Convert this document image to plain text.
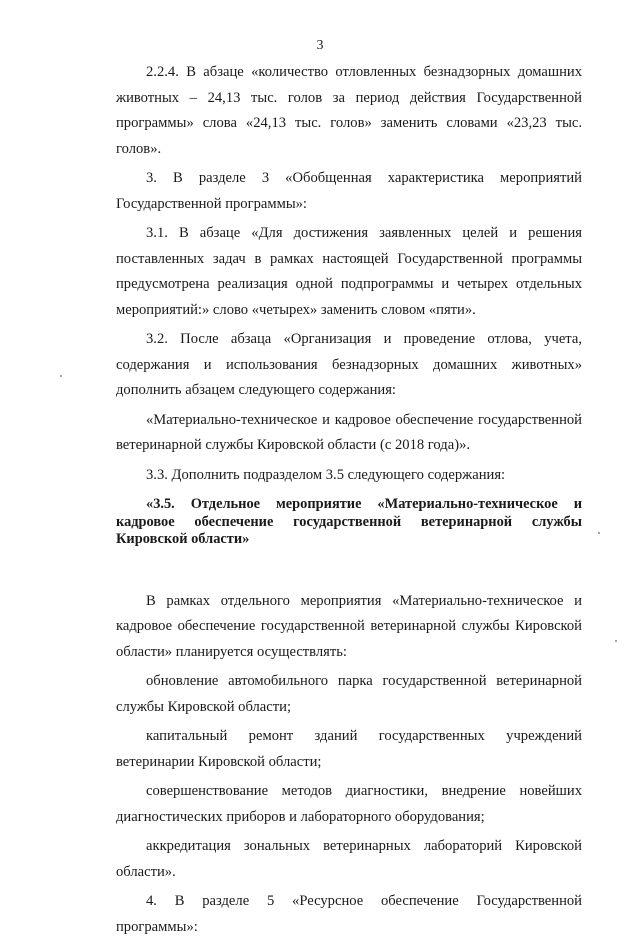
3

2.2.4. В абзаце «количество отловленных безнадзорных домашних животных – 24,13 тыс. голов за период действия Государственной программы» слова «24,13 тыс. голов» заменить словами «23,23 тыс. голов».

3. В разделе 3 «Обобщенная характеристика мероприятий Государственной программы»:

3.1. В абзаце «Для достижения заявленных целей и решения поставленных задач в рамках настоящей Государственной программы предусмотрена реализация одной подпрограммы и четырех отдельных мероприятий:» слово «четырех» заменить словом «пяти».

3.2. После абзаца «Организация и проведение отлова, учета, содержания и использования безнадзорных домашних животных» дополнить абзацем следующего содержания:

«Материально-техническое и кадровое обеспечение государственной ветеринарной службы Кировской области (с 2018 года)».

3.3. Дополнить подразделом 3.5 следующего содержания:

«3.5. Отдельное мероприятие «Материально-техническое и кадровое обеспечение государственной ветеринарной службы Кировской области»

В рамках отдельного мероприятия «Материально-техническое и кадровое обеспечение государственной ветеринарной службы Кировской области» планируется осуществлять:

обновление автомобильного парка государственной ветеринарной службы Кировской области;

капитальный ремонт зданий государственных учреждений ветеринарии Кировской области;

совершенствование методов диагностики, внедрение новейших диагностических приборов и лабораторного оборудования;

аккредитация зональных ветеринарных лабораторий Кировской области».

4. В разделе 5 «Ресурсное обеспечение Государственной программы»:
